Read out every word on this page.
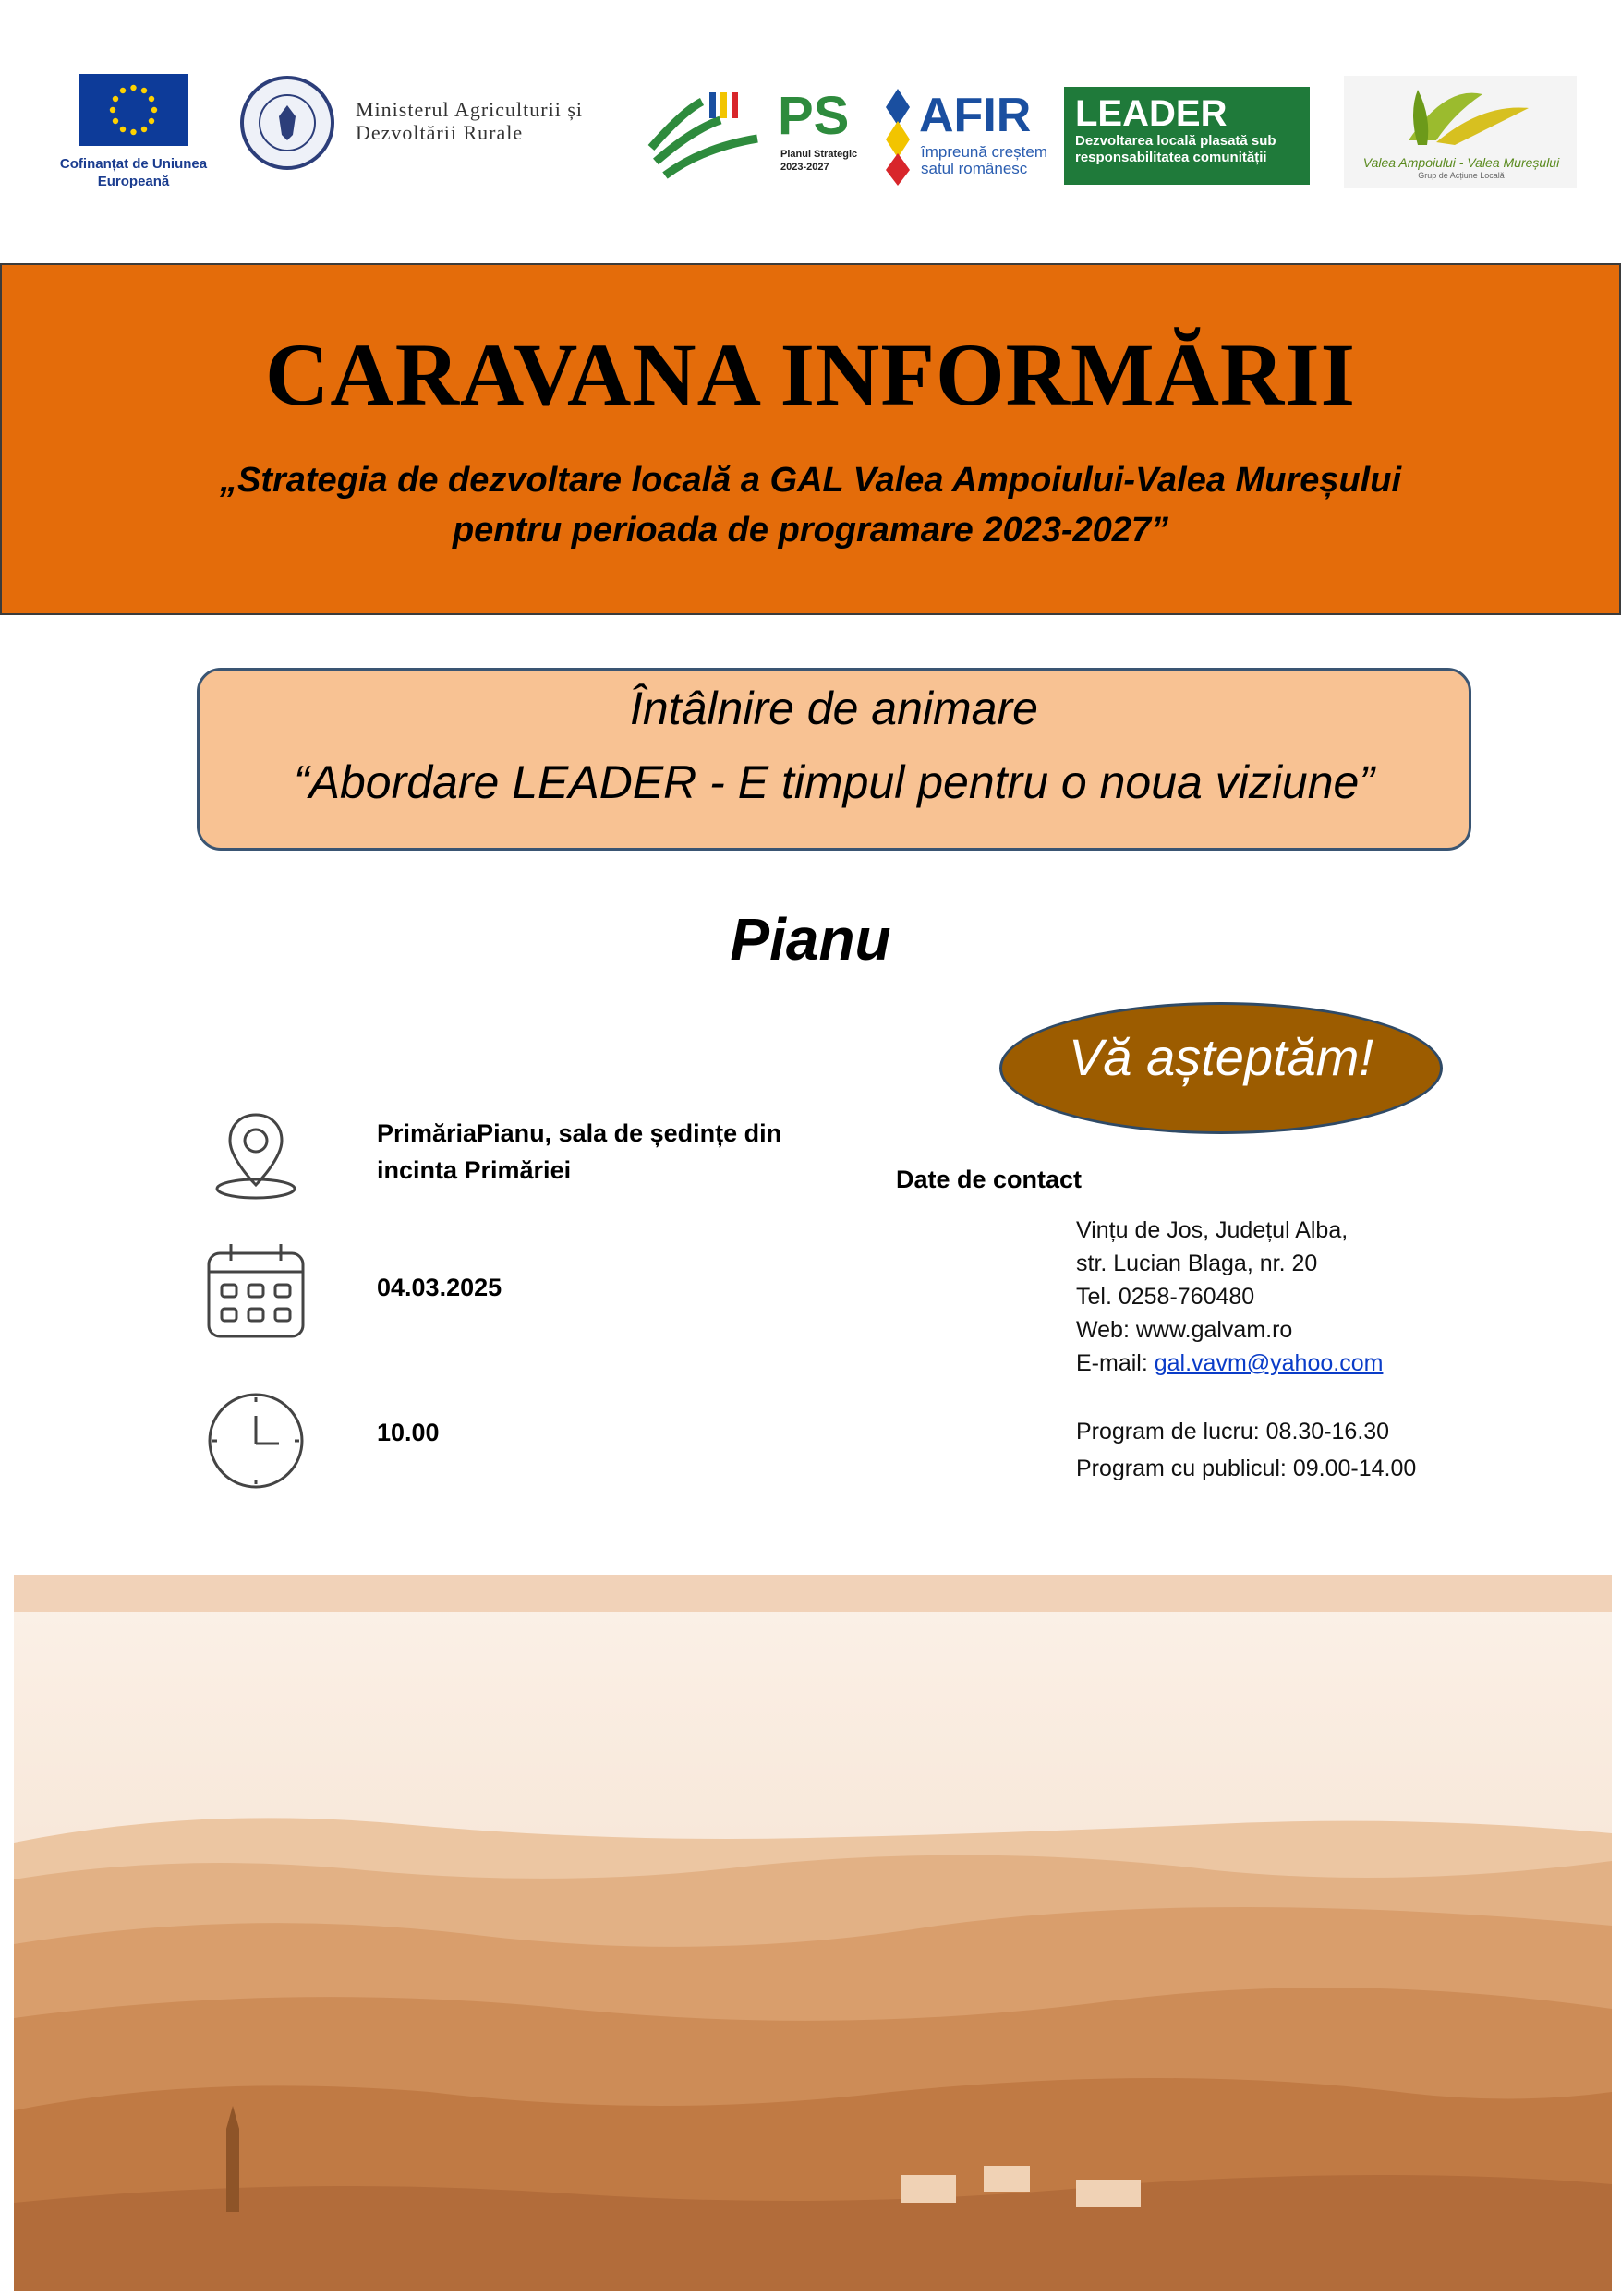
Cofinanțat de Uniunea Europeană
Ministerul Agriculturii și Dezvoltării Rurale	PS
Planul Strategic 2023-2027
AFIR
împreună creștem satul românesc
LEADER
Dezvoltarea locală plasată sub responsabilitatea comunității	Valea Ampoiului - Valea Mureșului
Grup de Acțiune Locală
CARAVANA INFORMĂRII
„Strategia de dezvoltare locală a GAL Valea Ampoiului-Valea Mureșului
pentru perioada de programare 2023-2027”
Întâlnire de animare
“Abordare LEADER - E timpul pentru o noua viziune”
Pianu
Vă așteptăm!
PrimăriaPianu, sala de ședințe din
incinta Primăriei
04.03.2025
10.00
Date de contact
Vințu de Jos, Județul Alba,
str. Lucian Blaga, nr. 20
Tel. 0258-760480
Web: www.galvam.ro
E-mail: gal.vavm@yahoo.com
Program de lucru: 08.30-16.30
Program cu publicul: 09.00-14.00
